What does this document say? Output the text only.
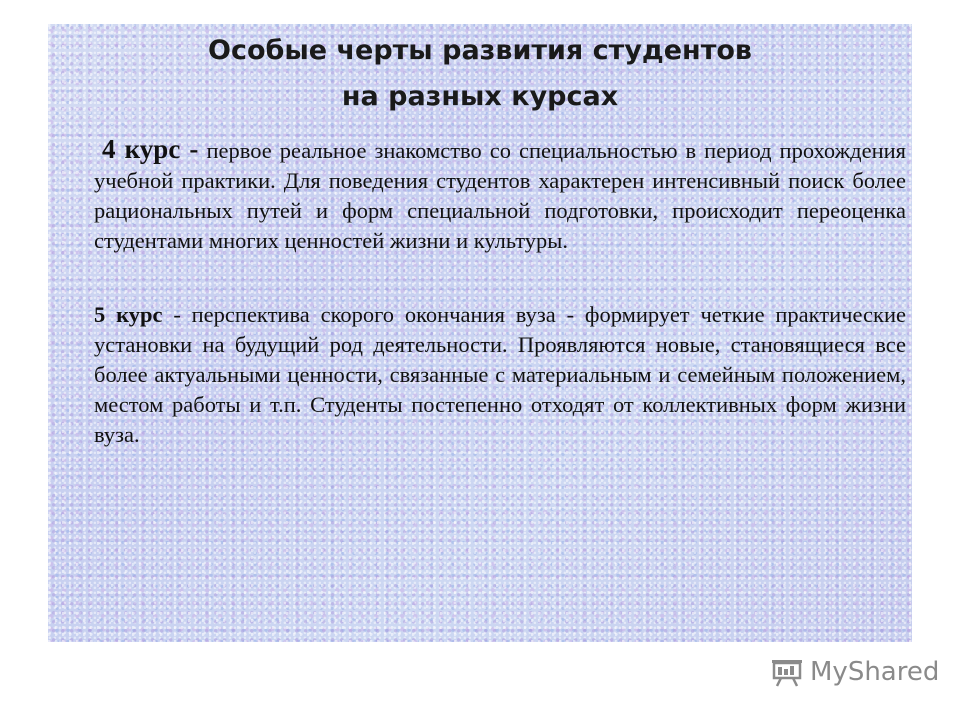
Особые черты развития студентов
на разных курсах

4 курс - первое реальное знакомство со специальностью в период прохождения учебной практики. Для поведения студентов характерен интенсивный поиск более рациональных путей и форм специальной подготовки, происходит переоценка студентами многих ценностей жизни и культуры.

5 курс - перспектива скорого окончания вуза - формирует четкие практические установки на будущий род деятельности. Проявляются новые, становящиеся все более актуальными ценности, связанные с материальным и семейным положением, местом работы и т.п. Студенты постепенно отходят от коллективных форм жизни вуза.

MyShared
